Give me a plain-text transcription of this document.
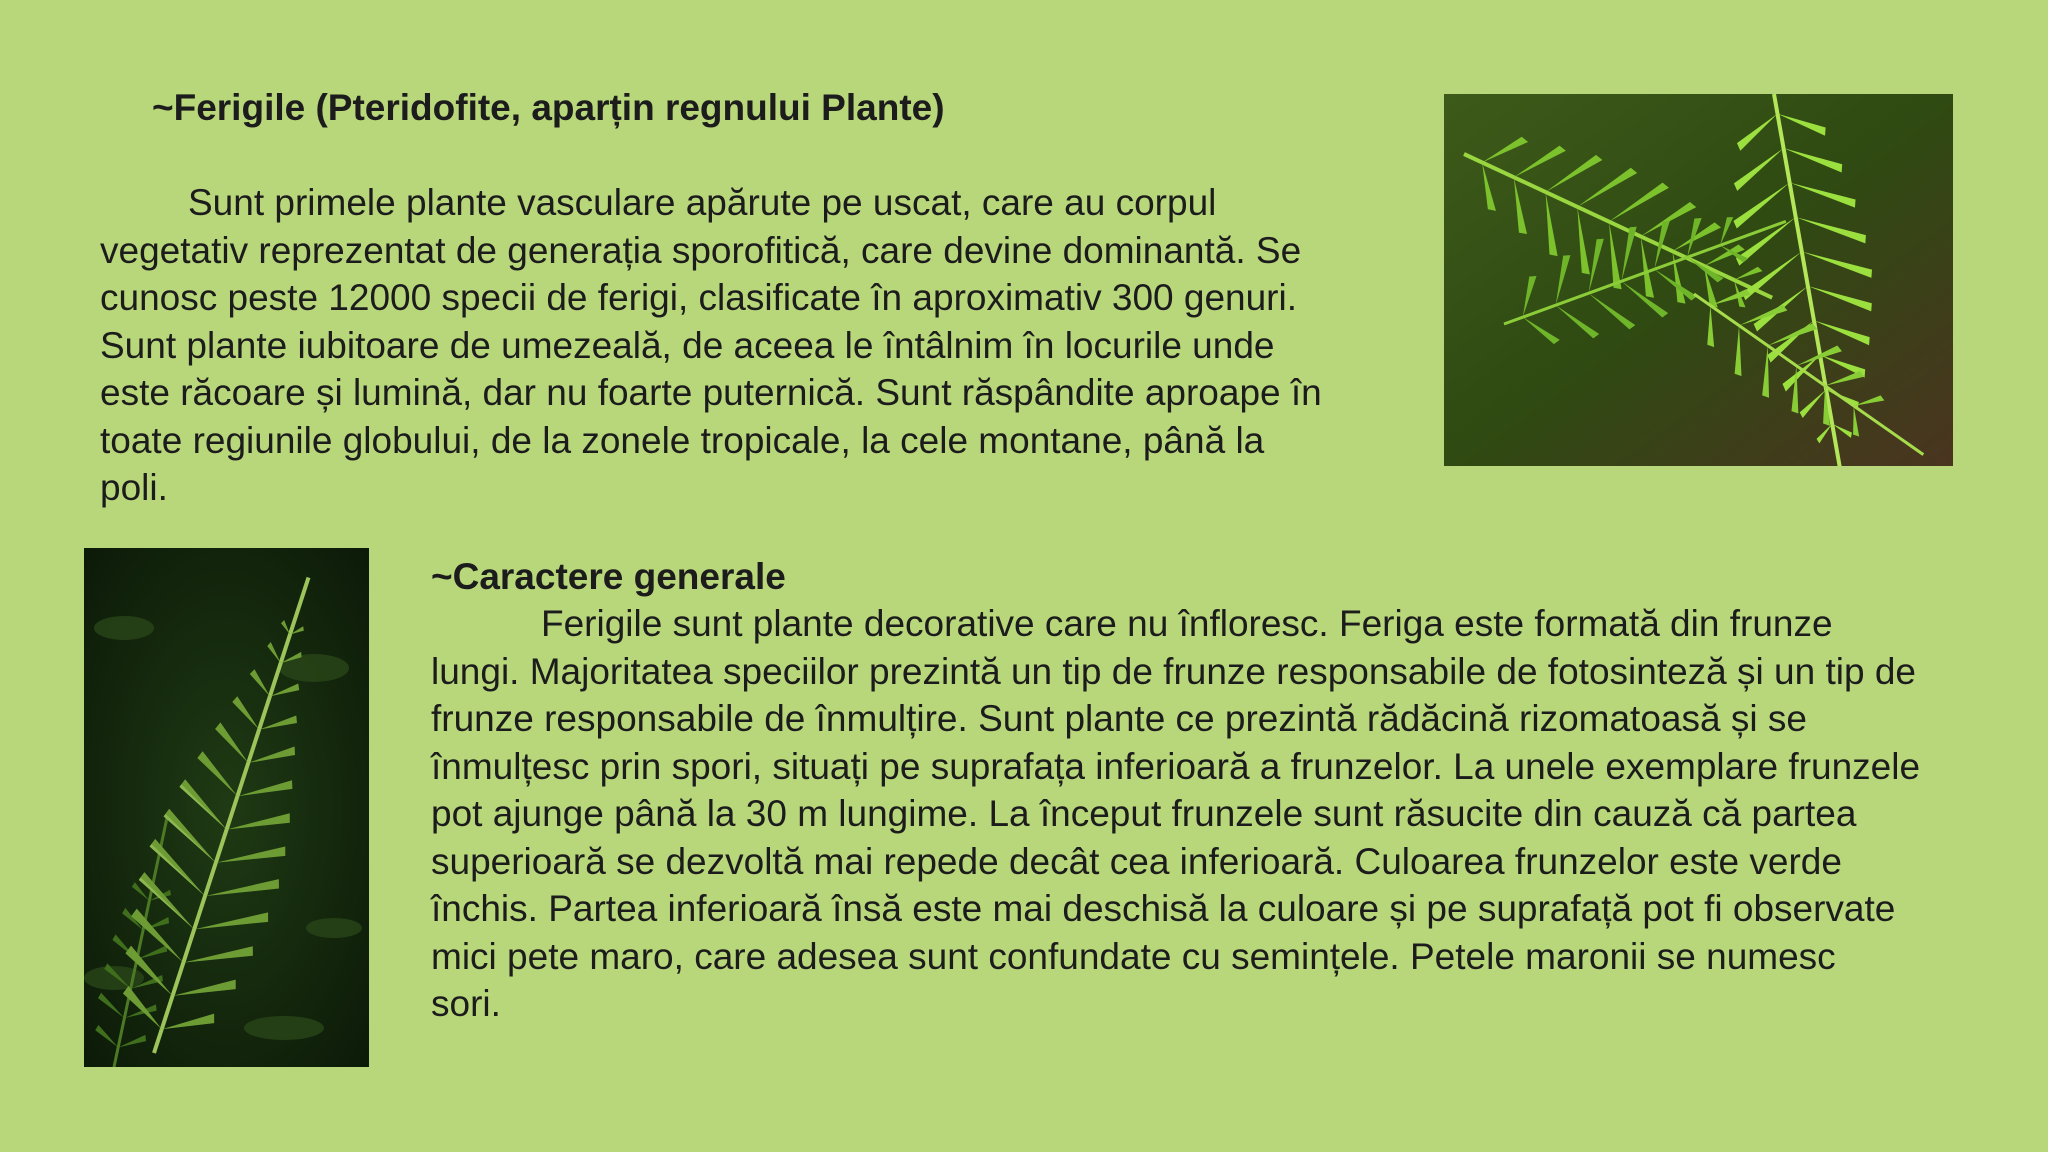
~Ferigile (Pteridofite, aparțin regnului Plante)

Sunt primele plante vasculare apărute pe uscat, care au corpul
vegetativ reprezentat de generația sporofitică, care devine dominantă. Se
cunosc peste 12000 specii de ferigi, clasificate în aproximativ 300 genuri.
Sunt plante iubitoare de umezeală, de aceea le întâlnim în locurile unde
este răcoare și lumină, dar nu foarte puternică. Sunt răspândite aproape în
toate regiunile globului, de la zonele tropicale, la cele montane, până la
poli.

~Caractere generale

Ferigile sunt plante decorative care nu înfloresc. Feriga este formată din frunze
lungi. Majoritatea speciilor prezintă un tip de frunze responsabile de fotosinteză și un tip de
frunze responsabile de înmulțire. Sunt plante ce prezintă rădăcină rizomatoasă și se
înmulțesc prin spori, situați pe suprafața inferioară a frunzelor. La unele exemplare frunzele
pot ajunge până la 30 m lungime. La început frunzele sunt răsucite din cauză că partea
superioară se dezvoltă mai repede decât cea inferioară. Culoarea frunzelor este verde
închis. Partea inferioară însă este mai deschisă la culoare și pe suprafață pot fi observate
mici pete maro, care adesea sunt confundate cu semințele. Petele maronii se numesc
sori.
